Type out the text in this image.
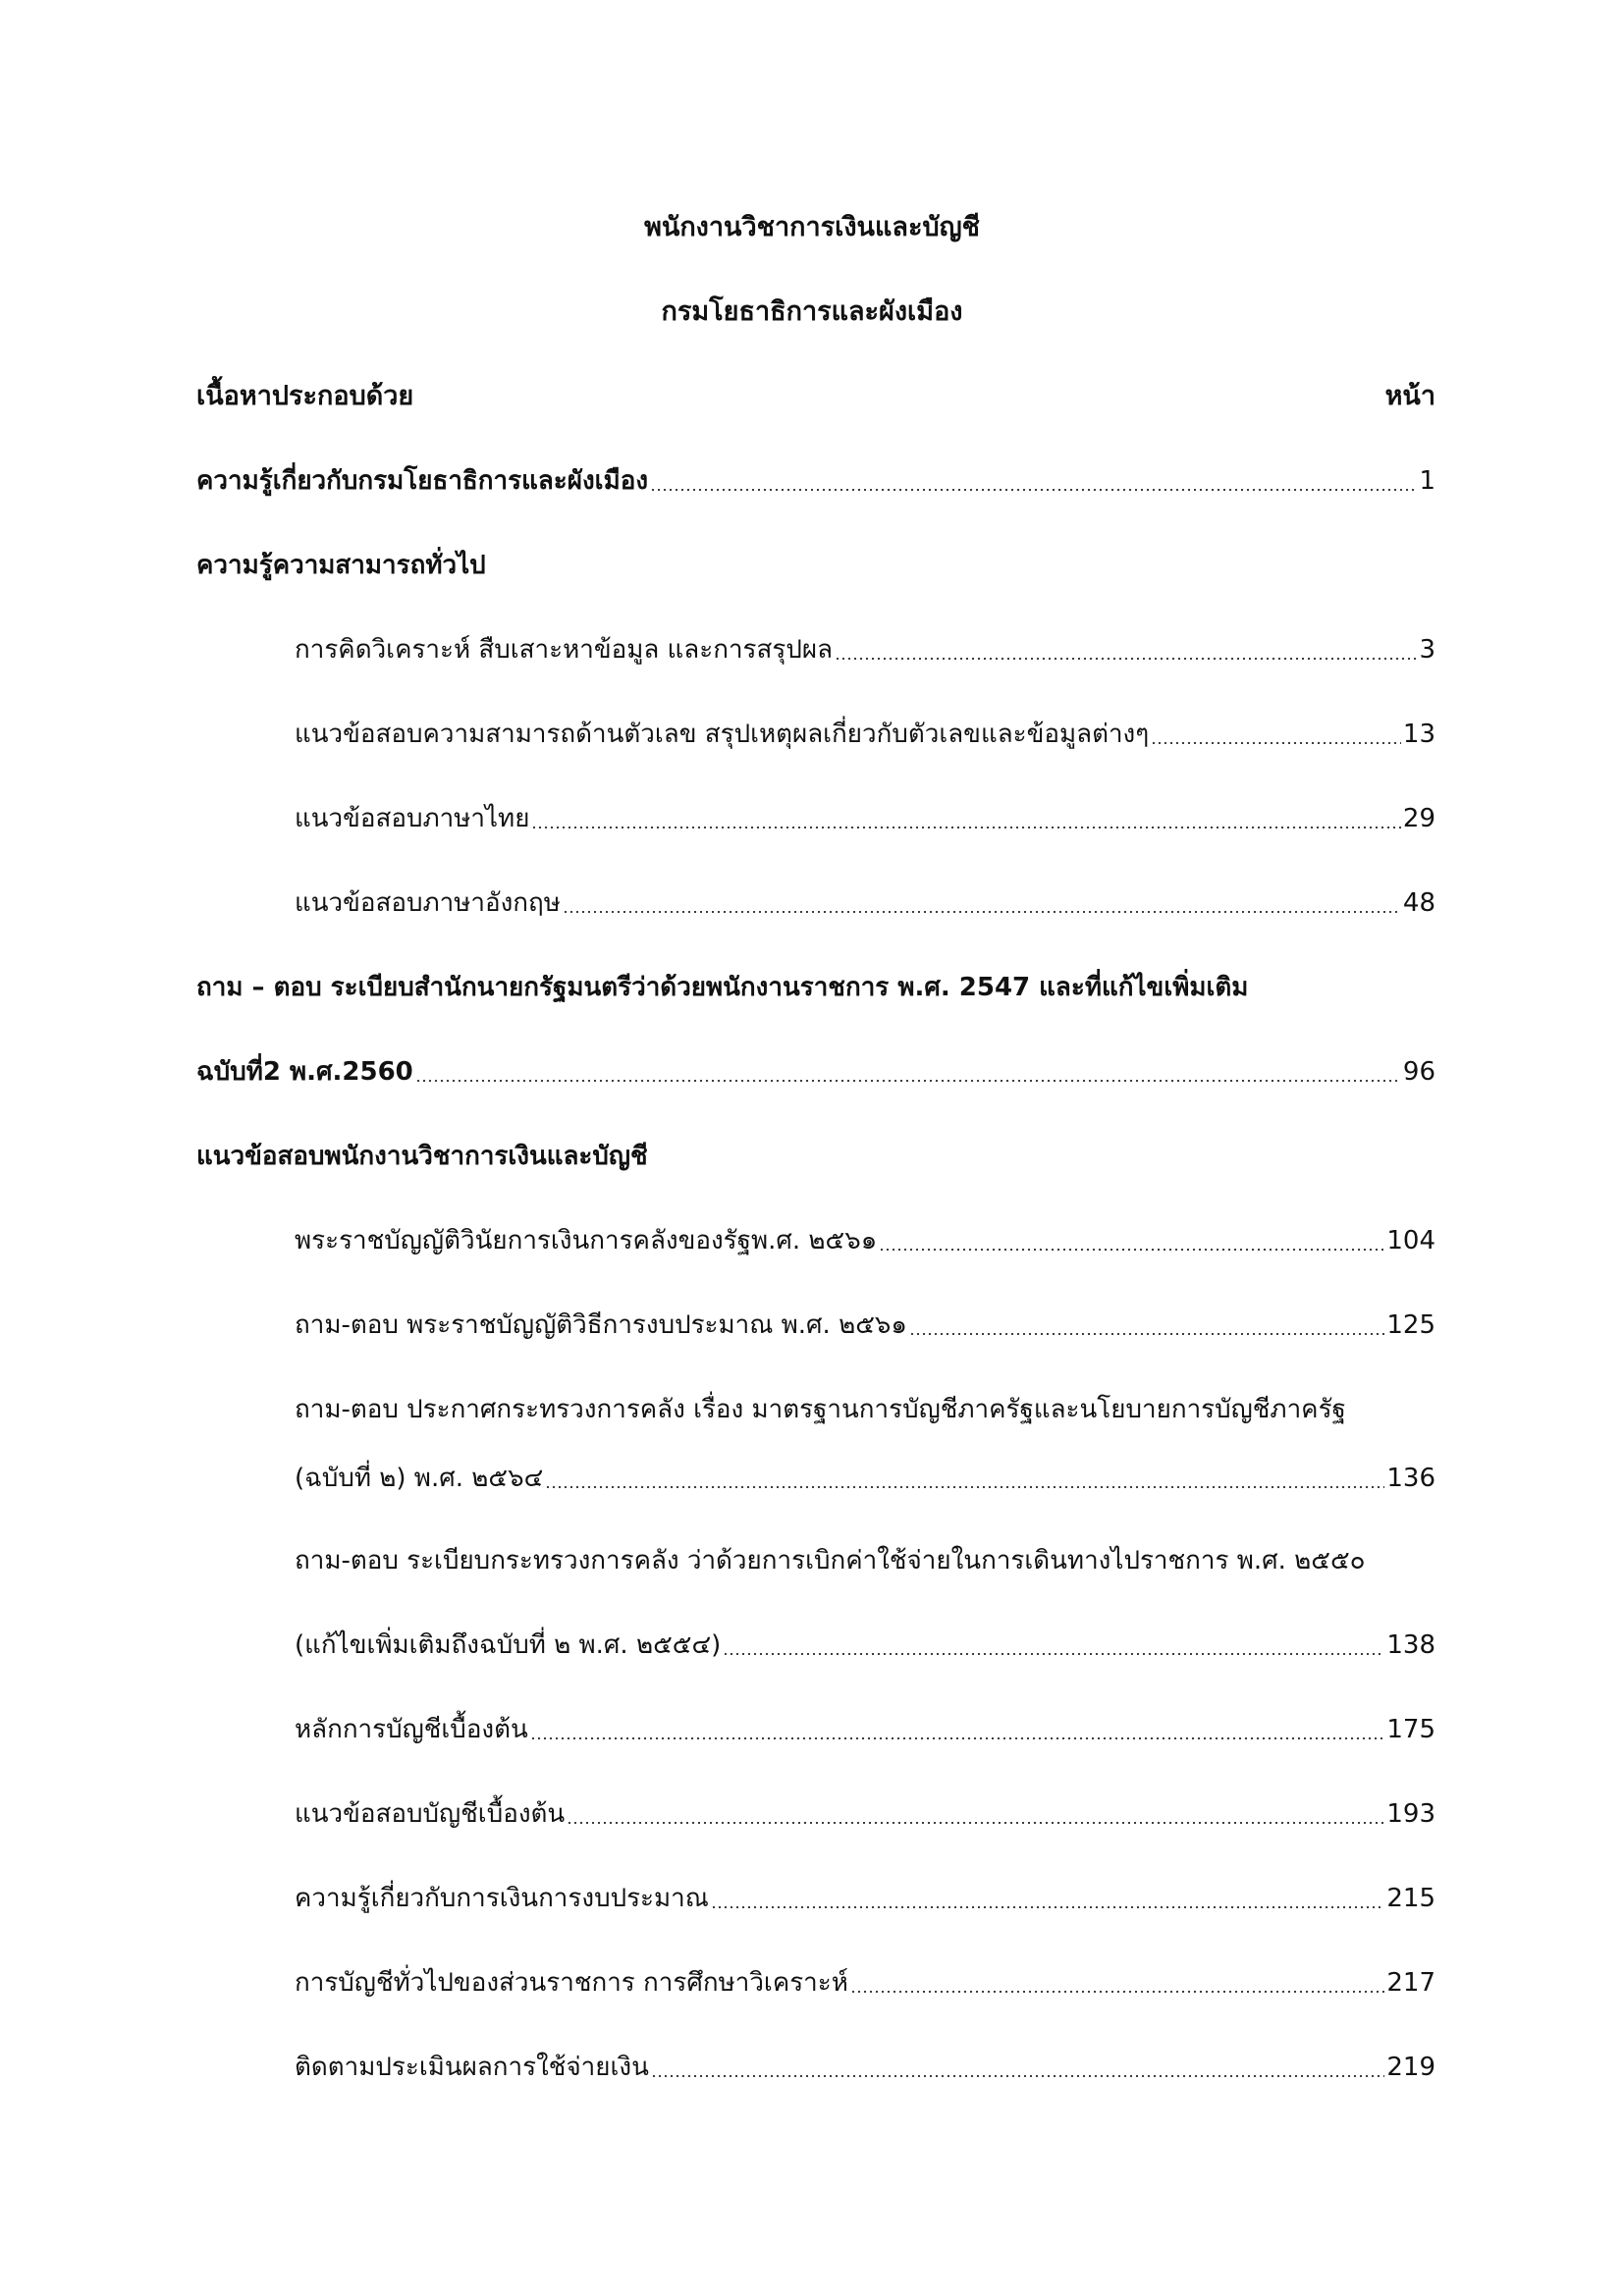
พนักงานวิชาการเงินและบัญชี
กรมโยธาธิการและผังเมือง
เนื้อหาประกอบด้วย	หน้า
ความรู้เกี่ยวกับกรมโยธาธิการและผังเมือง	1
ความรู้ความสามารถทั่วไป
การคิดวิเคราะห์ สืบเสาะหาข้อมูล และการสรุปผล	3
แนวข้อสอบความสามารถด้านตัวเลข สรุปเหตุผลเกี่ยวกับตัวเลขและข้อมูลต่างๆ	13
แนวข้อสอบภาษาไทย	29
แนวข้อสอบภาษาอังกฤษ	48
ถาม – ตอบ ระเบียบสำนักนายกรัฐมนตรีว่าด้วยพนักงานราชการ พ.ศ. 2547 และที่แก้ไขเพิ่มเติม
ฉบับที่2 พ.ศ.2560	96
แนวข้อสอบพนักงานวิชาการเงินและบัญชี
พระราชบัญญัติวินัยการเงินการคลังของรัฐพ.ศ. ๒๕๖๑	104
ถาม-ตอบ พระราชบัญญัติวิธีการงบประมาณ พ.ศ. ๒๕๖๑	125
ถาม-ตอบ ประกาศกระทรวงการคลัง เรื่อง มาตรฐานการบัญชีภาครัฐและนโยบายการบัญชีภาครัฐ
(ฉบับที่ ๒) พ.ศ. ๒๕๖๔	136
ถาม-ตอบ ระเบียบกระทรวงการคลัง ว่าด้วยการเบิกค่าใช้จ่ายในการเดินทางไปราชการ พ.ศ. ๒๕๕๐
(แก้ไขเพิ่มเติมถึงฉบับที่ ๒ พ.ศ. ๒๕๕๔)	138
หลักการบัญชีเบื้องต้น	175
แนวข้อสอบบัญชีเบื้องต้น	193
ความรู้เกี่ยวกับการเงินการงบประมาณ	215
การบัญชีทั่วไปของส่วนราชการ การศึกษาวิเคราะห์	217
ติดตามประเมินผลการใช้จ่ายเงิน	219
